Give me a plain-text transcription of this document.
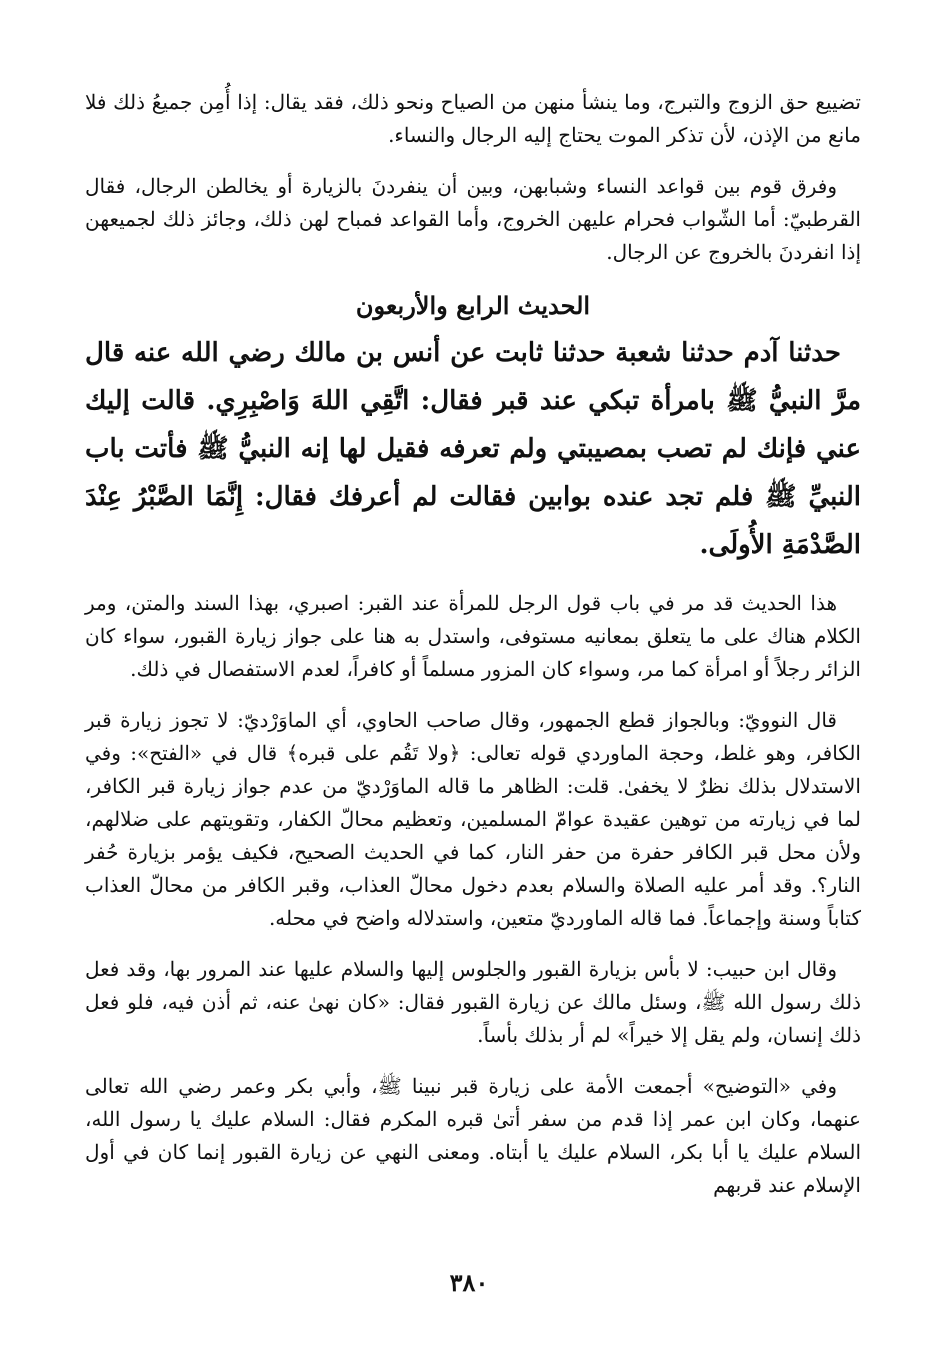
تضييع حق الزوج والتبرج، وما ينشأ منهن من الصياح ونحو ذلك، فقد يقال: إذا أُمِن جميعُ ذلك فلا مانع من الإذن، لأن تذكر الموت يحتاج إليه الرجال والنساء.

وفرق قوم بين قواعد النساء وشبابهن، وبين أن ينفردنَ بالزيارة أو يخالطن الرجال، فقال القرطبيّ: أما الشّواب فحرام عليهن الخروج، وأما القواعد فمباح لهن ذلك، وجائز ذلك لجميعهن إذا انفردنَ بالخروج عن الرجال.

الحديث الرابع والأربعون

حدثنا آدم حدثنا شعبة حدثنا ثابت عن أنس بن مالك رضي الله عنه قال مرَّ النبيُّ ﷺ بامرأة تبكي عند قبر فقال: اتَّقِي اللهَ وَاصْبِرِي. قالت إليك عني فإنك لم تصب بمصيبتي ولم تعرفه فقيل لها إنه النبيُّ ﷺ فأتت باب النبيِّ ﷺ فلم تجد عنده بوابين فقالت لم أعرفك فقال: إِنَّمَا الصَّبْرُ عِنْدَ الصَّدْمَةِ الأُولَى.

هذا الحديث قد مر في باب قول الرجل للمرأة عند القبر: اصبري، بهذا السند والمتن، ومر الكلام هناك على ما يتعلق بمعانيه مستوفى، واستدل به هنا على جواز زيارة القبور، سواء كان الزائر رجلاً أو امرأة كما مر، وسواء كان المزور مسلماً أو كافراً، لعدم الاستفصال في ذلك.

قال النوويّ: وبالجواز قطع الجمهور، وقال صاحب الحاوي، أي الماوَرْديّ: لا تجوز زيارة قبر الكافر، وهو غلط، وحجة الماوردي قوله تعالى: ﴿ولا تَقُم على قبره﴾ قال في «الفتح»: وفي الاستدلال بذلك نظرٌ لا يخفىٰ. قلت: الظاهر ما قاله الماوَرْديّ من عدم جواز زيارة قبر الكافر، لما في زيارته من توهين عقيدة عوامّ المسلمين، وتعظيم محالّ الكفار، وتقويتهم على ضلالهم، ولأن محل قبر الكافر حفرة من حفر النار، كما في الحديث الصحيح، فكيف يؤمر بزيارة حُفر النار؟. وقد أمر عليه الصلاة والسلام بعدم دخول محالّ العذاب، وقبر الكافر من محالّ العذاب كتاباً وسنة وإجماعاً. فما قاله الماورديّ متعين، واستدلاله واضح في محله.

وقال ابن حبيب: لا بأس بزيارة القبور والجلوس إليها والسلام عليها عند المرور بها، وقد فعل ذلك رسول الله ﷺ، وسئل مالك عن زيارة القبور فقال: «كان نهىٰ عنه، ثم أذن فيه، فلو فعل ذلك إنسان، ولم يقل إلا خيراً» لم أر بذلك بأساً.

وفي «التوضيح» أجمعت الأمة على زيارة قبر نبينا ﷺ، وأبي بكر وعمر رضي الله تعالى عنهما، وكان ابن عمر إذا قدم من سفر أتىٰ قبره المكرم فقال: السلام عليك يا رسول الله، السلام عليك يا أبا بكر، السلام عليك يا أبتاه. ومعنى النهي عن زيارة القبور إنما كان في أول الإسلام عند قربهم

٣٨٠
